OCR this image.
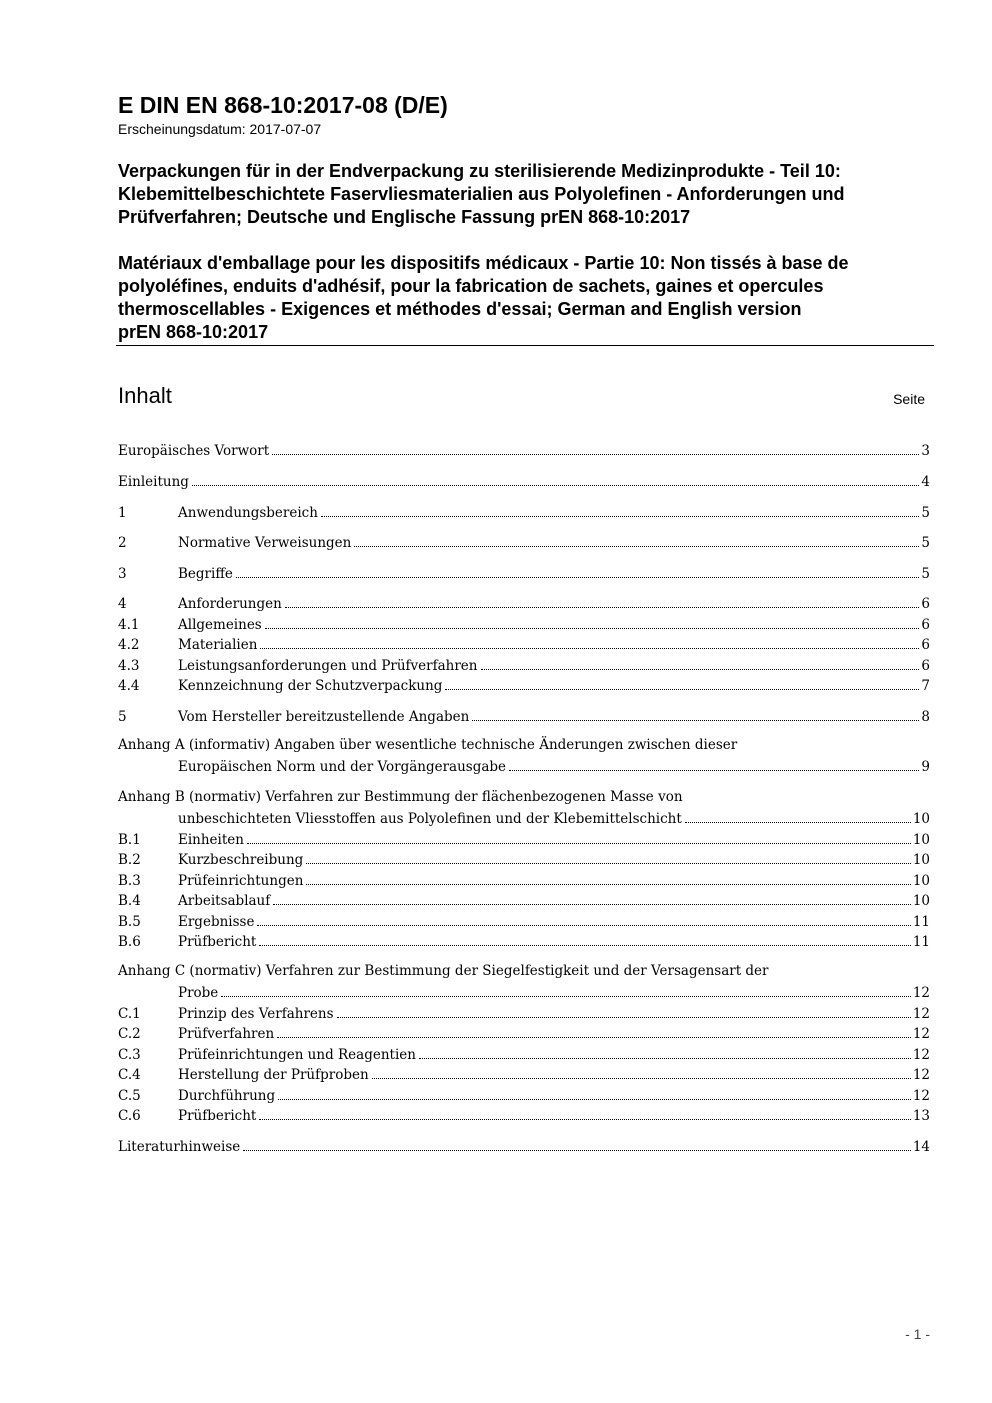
E DIN EN 868-10:2017-08 (D/E)
Erscheinungsdatum: 2017-07-07
Verpackungen für in der Endverpackung zu sterilisierende Medizinprodukte - Teil 10:
Klebemittelbeschichtete Faservliesmaterialien aus Polyolefinen - Anforderungen und
Prüfverfahren; Deutsche und Englische Fassung prEN 868-10:2017
Matériaux d'emballage pour les dispositifs médicaux - Partie 10: Non tissés à base de
polyoléfines, enduits d'adhésif, pour la fabrication de sachets, gaines et opercules
thermoscellables - Exigences et méthodes d'essai; German and English version
prEN 868-10:2017
Inhalt	Seite
Europäisches Vorwort	3
Einleitung	4
1	Anwendungsbereich	5
2	Normative Verweisungen	5
3	Begriffe	5
4	Anforderungen	6
4.1	Allgemeines	6
4.2	Materialien	6
4.3	Leistungsanforderungen und Prüfverfahren	6
4.4	Kennzeichnung der Schutzverpackung	7
5	Vom Hersteller bereitzustellende Angaben	8
Anhang A (informativ) Angaben über wesentliche technische Änderungen zwischen dieser
Europäischen Norm und der Vorgängerausgabe	9
Anhang B (normativ) Verfahren zur Bestimmung der flächenbezogenen Masse von
unbeschichteten Vliesstoffen aus Polyolefinen und der Klebemittelschicht	10
B.1	Einheiten	10
B.2	Kurzbeschreibung	10
B.3	Prüfeinrichtungen	10
B.4	Arbeitsablauf	10
B.5	Ergebnisse	11
B.6	Prüfbericht	11
Anhang C (normativ) Verfahren zur Bestimmung der Siegelfestigkeit und der Versagensart der
Probe	12
C.1	Prinzip des Verfahrens	12
C.2	Prüfverfahren	12
C.3	Prüfeinrichtungen und Reagentien	12
C.4	Herstellung der Prüfproben	12
C.5	Durchführung	12
C.6	Prüfbericht	13
Literaturhinweise	14
- 1 -
